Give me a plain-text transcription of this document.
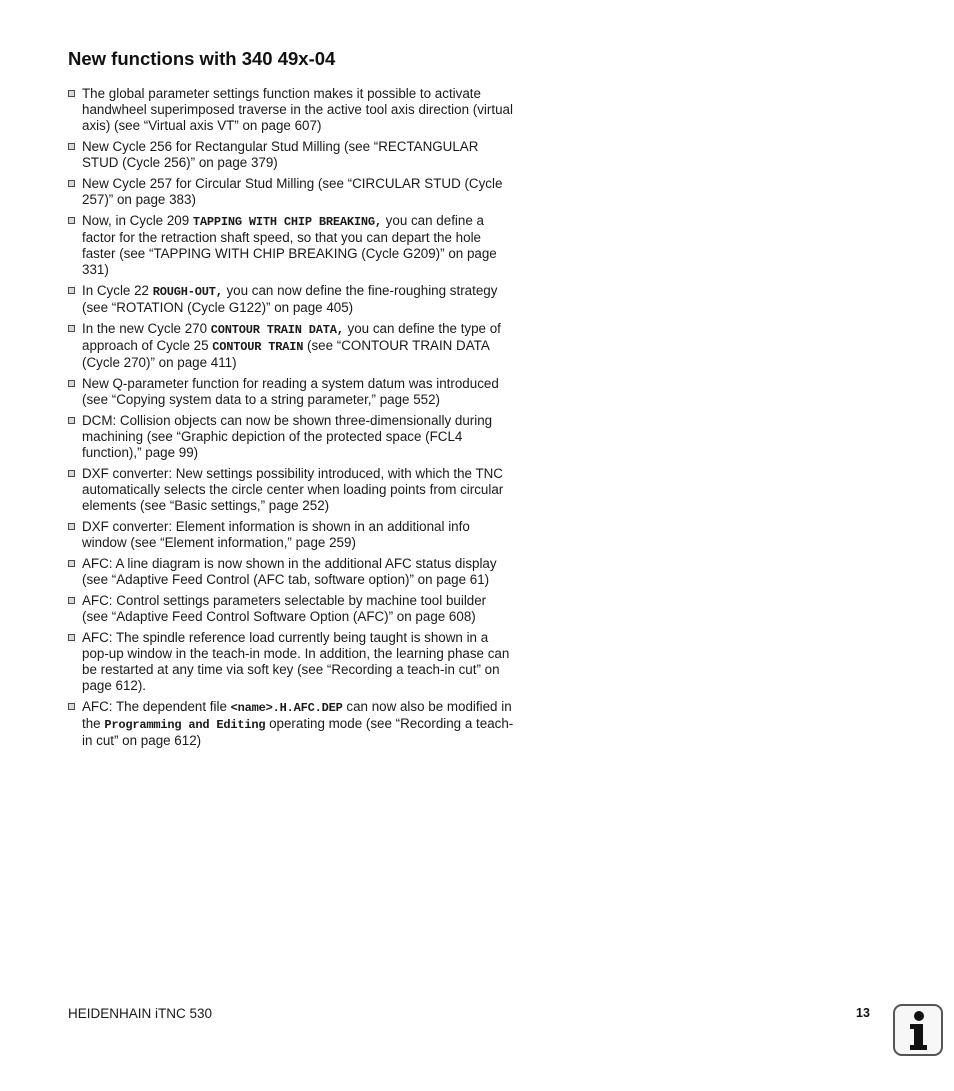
New functions with 340 49x-04
The global parameter settings function makes it possible to activate handwheel superimposed traverse in the active tool axis direction (virtual axis) (see “Virtual axis VT” on page 607)
New Cycle 256 for Rectangular Stud Milling (see “RECTANGULAR STUD (Cycle 256)” on page 379)
New Cycle 257 for Circular Stud Milling (see “CIRCULAR STUD (Cycle 257)” on page 383)
Now, in Cycle 209 TAPPING WITH CHIP BREAKING, you can define a factor for the retraction shaft speed, so that you can depart the hole faster (see “TAPPING WITH CHIP BREAKING (Cycle G209)” on page 331)
In Cycle 22 ROUGH-OUT, you can now define the fine-roughing strategy (see “ROTATION (Cycle G122)” on page 405)
In the new Cycle 270 CONTOUR TRAIN DATA, you can define the type of approach of Cycle 25 CONTOUR TRAIN (see “CONTOUR TRAIN DATA (Cycle 270)” on page 411)
New Q-parameter function for reading a system datum was introduced (see “Copying system data to a string parameter,” page 552)
DCM: Collision objects can now be shown three-dimensionally during machining (see “Graphic depiction of the protected space (FCL4 function),” page 99)
DXF converter: New settings possibility introduced, with which the TNC automatically selects the circle center when loading points from circular elements (see “Basic settings,” page 252)
DXF converter: Element information is shown in an additional info window (see “Element information,” page 259)
AFC: A line diagram is now shown in the additional AFC status display (see “Adaptive Feed Control (AFC tab, software option)” on page 61)
AFC: Control settings parameters selectable by machine tool builder (see “Adaptive Feed Control Software Option (AFC)” on page 608)
AFC: The spindle reference load currently being taught is shown in a pop-up window in the teach-in mode. In addition, the learning phase can be restarted at any time via soft key (see “Recording a teach-in cut” on page 612).
AFC: The dependent file <name>.H.AFC.DEP can now also be modified in the Programming and Editing operating mode (see “Recording a teach-in cut” on page 612)
HEIDENHAIN iTNC 530	13
